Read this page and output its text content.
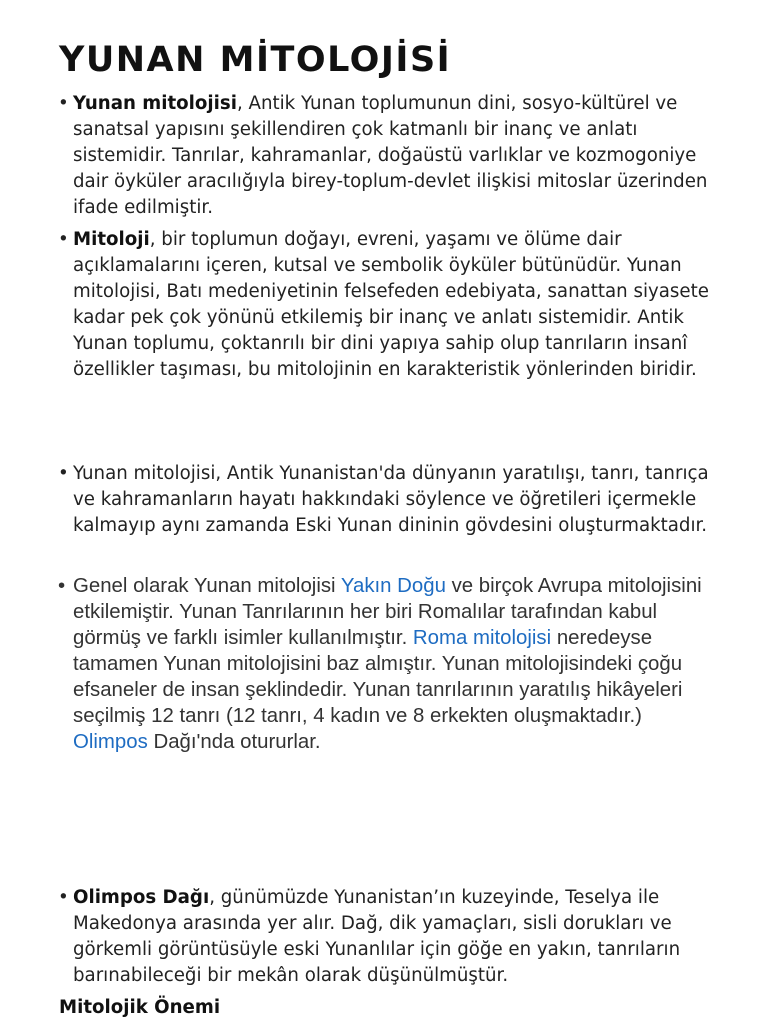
YUNAN MİTOLOJİSİ

• Yunan mitolojisi, Antik Yunan toplumunun dini, sosyo-kültürel ve sanatsal yapısını şekillendiren çok katmanlı bir inanç ve anlatı sistemidir. Tanrılar, kahramanlar, doğaüstü varlıklar ve kozmogoniye dair öyküler aracılığıyla birey-toplum-devlet ilişkisi mitoslar üzerinden ifade edilmiştir.

• Mitoloji, bir toplumun doğayı, evreni, yaşamı ve ölüme dair açıklamalarını içeren, kutsal ve sembolik öyküler bütünüdür. Yunan mitolojisi, Batı medeniyetinin felsefeden edebiyata, sanattan siyasete kadar pek çok yönünü etkilemiş bir inanç ve anlatı sistemidir. Antik Yunan toplumu, çoktanrılı bir dini yapıya sahip olup tanrıların insanî özellikler taşıması, bu mitolojinin en karakteristik yönlerinden biridir.

• Yunan mitolojisi, Antik Yunanistan'da dünyanın yaratılışı, tanrı, tanrıça ve kahramanların hayatı hakkındaki söylence ve öğretileri içermekle kalmayıp aynı zamanda Eski Yunan dininin gövdesini oluşturmaktadır.

• Genel olarak Yunan mitolojisi Yakın Doğu ve birçok Avrupa mitolojisini etkilemiştir. Yunan Tanrılarının her biri Romalılar tarafından kabul görmüş ve farklı isimler kullanılmıştır. Roma mitolojisi neredeyse tamamen Yunan mitolojisini baz almıştır. Yunan mitolojisindeki çoğu efsaneler de insan şeklindedir. Yunan tanrılarının yaratılış hikâyeleri seçilmiş 12 tanrı (12 tanrı, 4 kadın ve 8 erkekten oluşmaktadır.) Olimpos Dağı'nda otururlar.

• Olimpos Dağı, günümüzde Yunanistan’ın kuzeyinde, Teselya ile Makedonya arasında yer alır. Dağ, dik yamaçları, sisli dorukları ve görkemli görüntüsüyle eski Yunanlılar için göğe en yakın, tanrıların barınabileceği bir mekân olarak düşünülmüştür.

Mitolojik Önemi
